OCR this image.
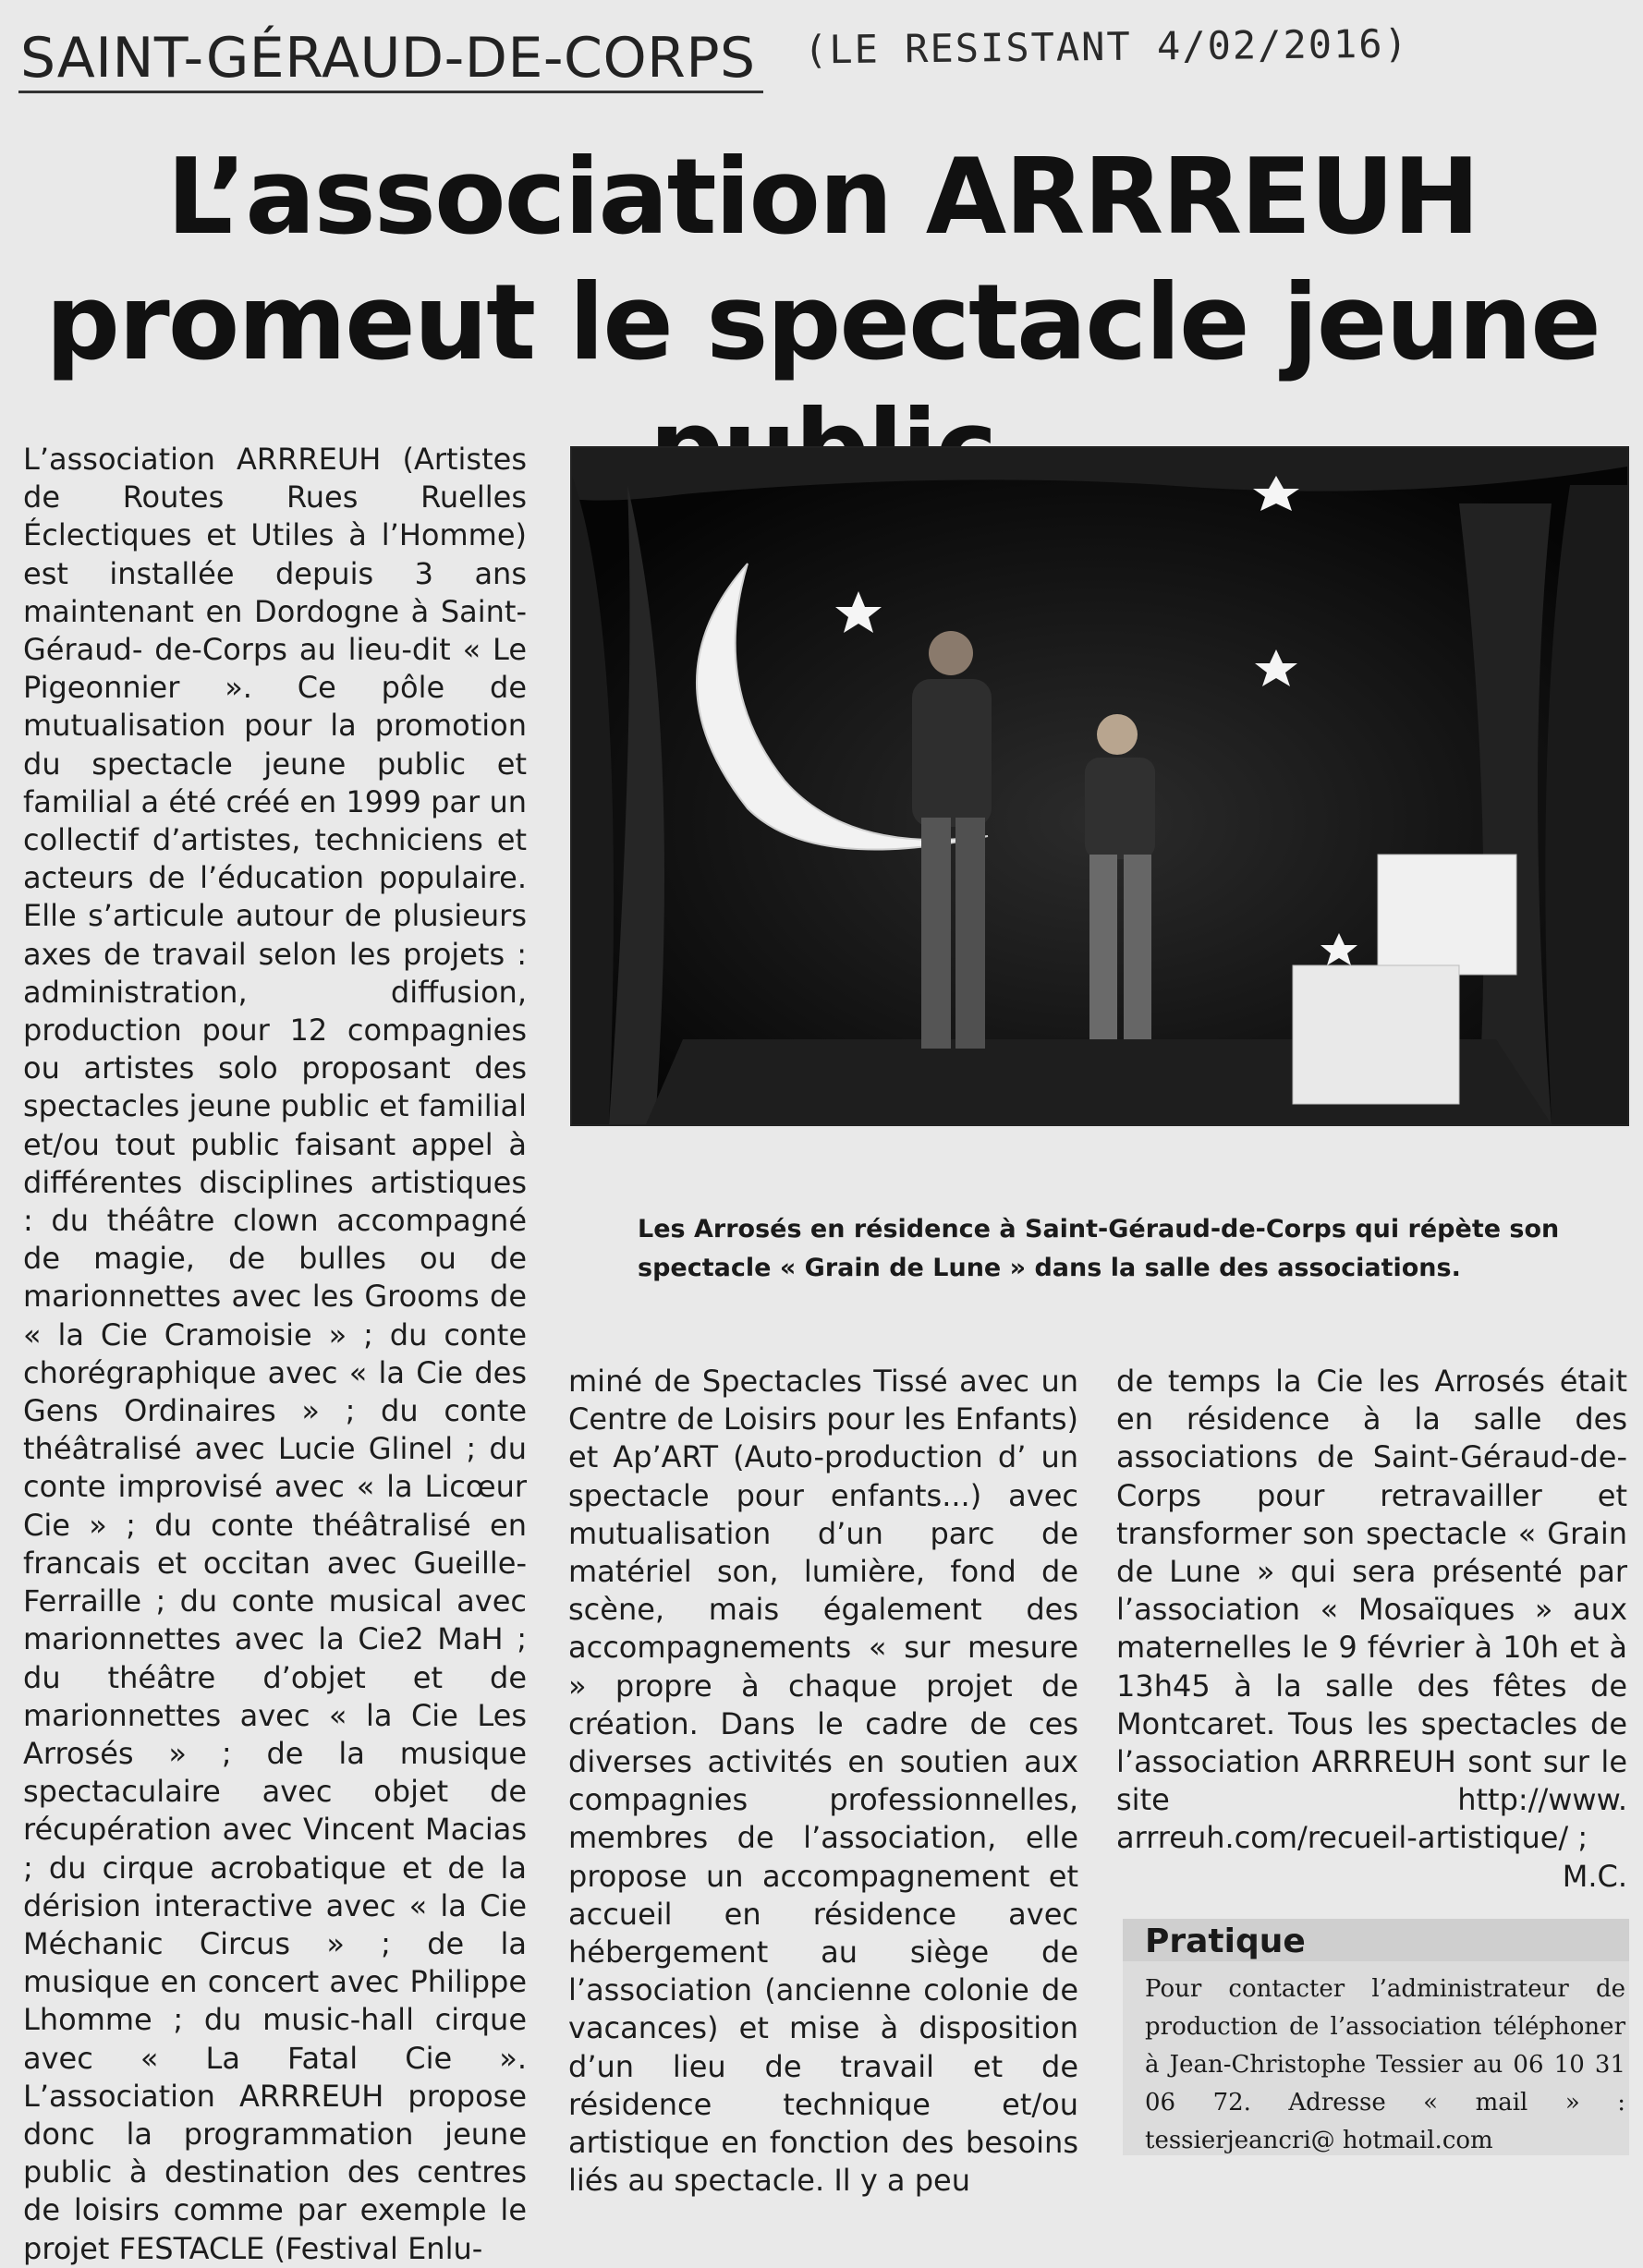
SAINT-GÉRAUD-DE-CORPS (LE RESISTANT 4/02/2016)
L’association ARRREUH promeut le spectacle jeune

L’association ARRREUH (Artistes de Routes Rues Ruelles Éclectiques et Utiles à l’Homme) est installée depuis 3 ans maintenant en Dordogne à Saint-Géraud- de-Corps au lieu-dit « Le Pigeonnier ». Ce pôle de mutualisation pour la promotion du spectacle jeune public et familial a été créé en 1999 par un collectif d’artistes, techniciens et acteurs de l’éducation populaire. Elle s’articule autour de plusieurs axes de travail selon les projets : administration, diffusion, production pour 12 compagnies ou artistes solo proposant des spectacles jeune public et familial et/ou tout public faisant appel à différentes disciplines artistiques : du théâtre clown accompagné de magie, de bulles ou de marionnettes avec les Grooms de « la Cie Cramoisie » ; du conte chorégraphique avec « la Cie des Gens Ordinaires » ; du conte théâtralisé avec Lucie Glinel ; du conte improvisé avec « la Licœur Cie » ; du conte théâtralisé en francais et occitan avec Gueille- Ferraille ; du conte musical avec marionnettes avec la Cie2 MaH ; du théâtre d’objet et de marionnettes avec « la Cie Les Arrosés » ; de la musique spectaculaire avec objet de récupération avec Vincent Macias ; du cirque acrobatique et de la dérision interactive avec « la Cie Méchanic Circus » ; de la musique en concert avec Philippe Lhomme ; du music-hall cirque avec « La Fatal Cie ». L’association ARRREUH propose donc la programmation jeune public à destination des centres de loisirs comme par exemple le projet FESTACLE (Festival Enlu-

Les Arrosés en résidence à Saint-Géraud-de-Corps qui répète son spectacle « Grain de Lune » dans la salle des associations.

miné de Spectacles Tissé avec un Centre de Loisirs pour les Enfants) et Ap’ART (Auto-production d’ un spectacle pour enfants...) avec mutualisation d’un parc de matériel son, lumière, fond de scène, mais également des accompagnements « sur mesure » propre à chaque projet de création. Dans le cadre de ces diverses activités en soutien aux compagnies professionnelles, membres de l’association, elle propose un accompagnement et accueil en résidence avec hébergement au siège de l’association (ancienne colonie de vacances) et mise à disposition d’un lieu de travail et de résidence technique et/ou artistique en fonction des besoins liés au spectacle. Il y a peu

de temps la Cie les Arrosés était en résidence à la salle des associations de Saint-Géraud-de-Corps pour retravailler et transformer son spectacle « Grain de Lune » qui sera présenté par l’association « Mosaïques » aux maternelles le 9 février à 10h et à 13h45 à la salle des fêtes de Montcaret. Tous les spectacles de l’association ARRREUH sont sur le site http://www. arrreuh.com/recueil-artistique/ ;

M.C.

Pratique
Pour contacter l’administrateur de production de l’association téléphoner à Jean-Christophe Tessier au 06 10 31 06 72. Adresse « mail » : tessierjeancri@ hotmail.com
